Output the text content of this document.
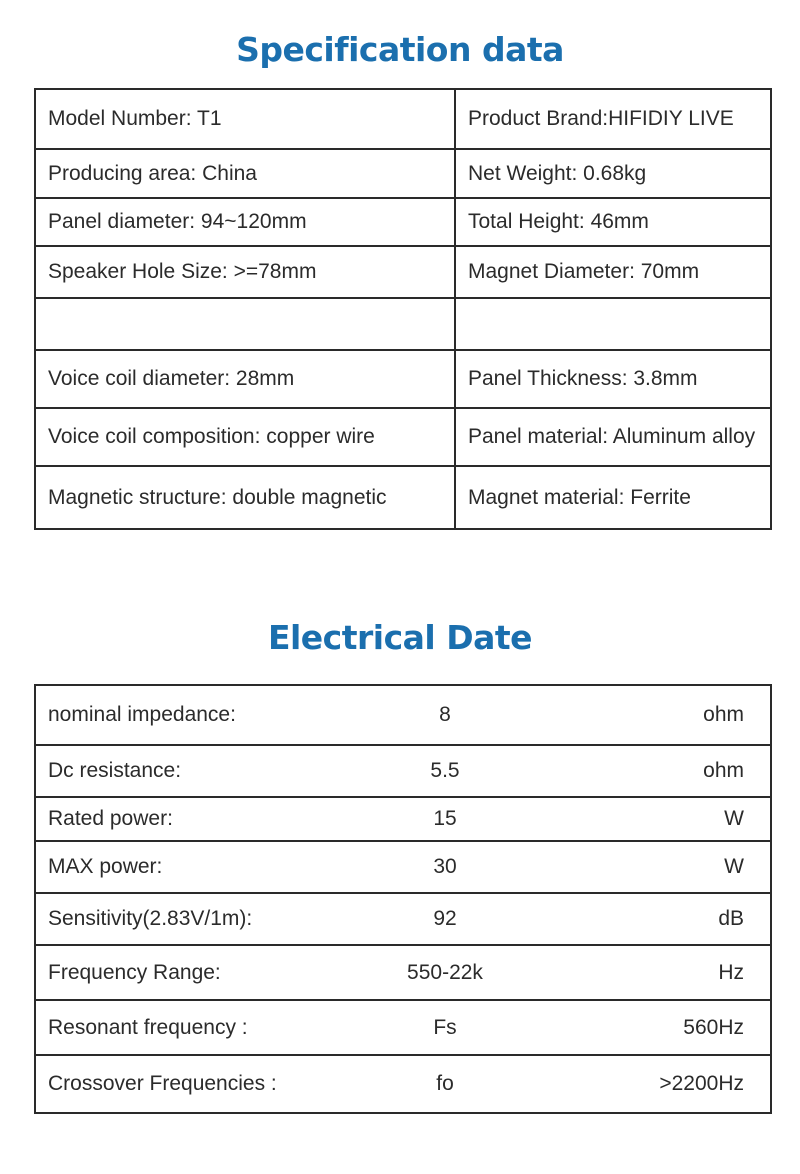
Specification data
Model Number: T1	Product Brand:HIFIDIY LIVE
Producing area: China	Net Weight: 0.68kg
Panel diameter: 94~120mm	Total Height: 46mm
Speaker Hole Size: >=78mm	Magnet Diameter: 70mm

Voice coil diameter: 28mm	Panel Thickness: 3.8mm
Voice coil composition: copper wire	Panel material: Aluminum alloy
Magnetic structure: double magnetic	Magnet material: Ferrite
Electrical Date
nominal impedance:	8	ohm
Dc resistance:	5.5	ohm
Rated power:	15	W
MAX power:	30	W
Sensitivity(2.83V/1m):	92	dB
Frequency Range:	550-22k	Hz
Resonant frequency :	Fs	560Hz
Crossover Frequencies :	fo	>2200Hz
